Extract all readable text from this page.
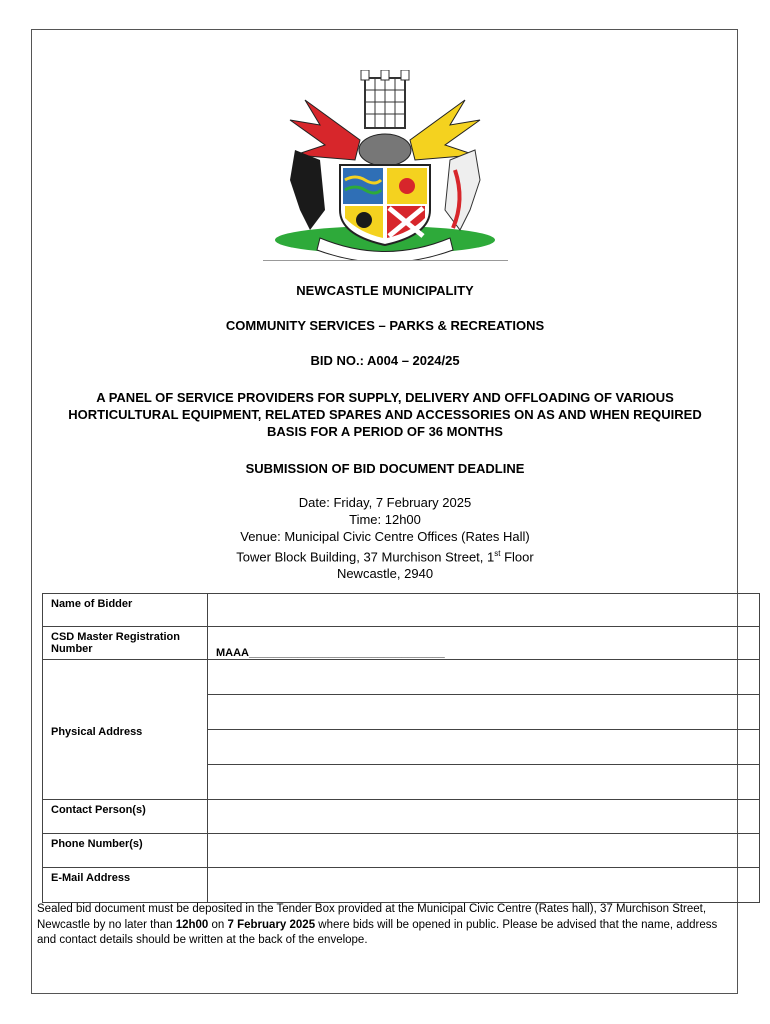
NEWCASTLE MUNICIPALITY
COMMUNITY SERVICES – PARKS & RECREATIONS
BID NO.: A004 – 2024/25
A PANEL OF SERVICE PROVIDERS FOR SUPPLY, DELIVERY AND OFFLOADING OF VARIOUS
HORTICULTURAL EQUIPMENT, RELATED SPARES AND ACCESSORIES ON AS AND WHEN REQUIRED
BASIS FOR A PERIOD OF 36 MONTHS
SUBMISSION OF BID DOCUMENT DEADLINE
Date: Friday, 7 February 2025
Time: 12h00
Venue: Municipal Civic Centre Offices (Rates Hall)
Tower Block Building, 37 Murchison Street, 1st Floor
Newcastle, 2940
Name of Bidder	
CSD Master Registration Number	MAAA________________________________
Physical Address	

Contact Person(s)	
Phone Number(s)	
E-Mail Address	
Sealed bid document must be deposited in the Tender Box provided at the Municipal Civic Centre (Rates hall), 37 Murchison Street, Newcastle by no later than 12h00 on 7 February 2025 where bids will be opened in public. Please be advised that the name, address and contact details should be written at the back of the envelope.
